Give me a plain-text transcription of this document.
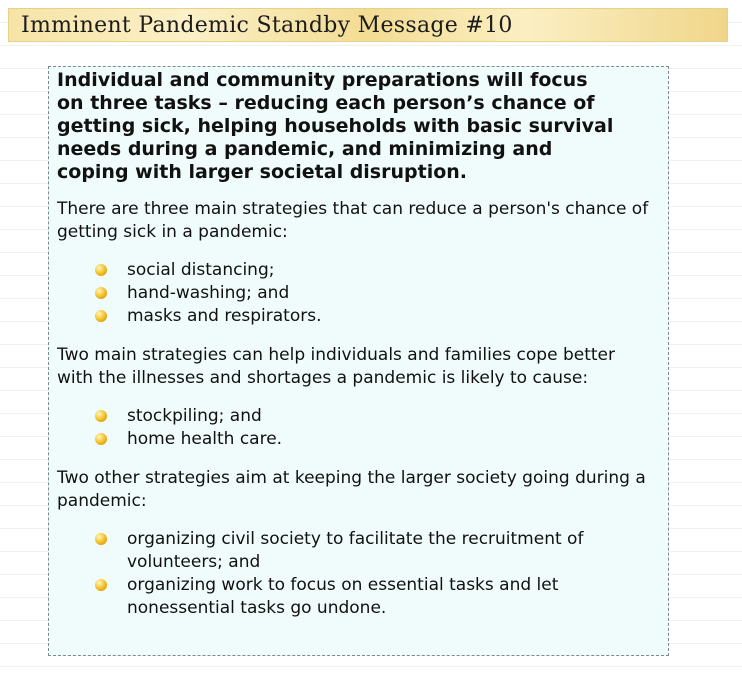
Imminent Pandemic Standby Message #10

Individual and community preparations will focus on three tasks – reducing each person’s chance of getting sick, helping households with basic survival needs during a pandemic, and minimizing and coping with larger societal disruption.

There are three main strategies that can reduce a person's chance of getting sick in a pandemic:

social distancing;
hand-washing; and
masks and respirators.

Two main strategies can help individuals and families cope better with the illnesses and shortages a pandemic is likely to cause:

stockpiling; and
home health care.

Two other strategies aim at keeping the larger society going during a pandemic:

organizing civil society to facilitate the recruitment of volunteers; and
organizing work to focus on essential tasks and let nonessential tasks go undone.
